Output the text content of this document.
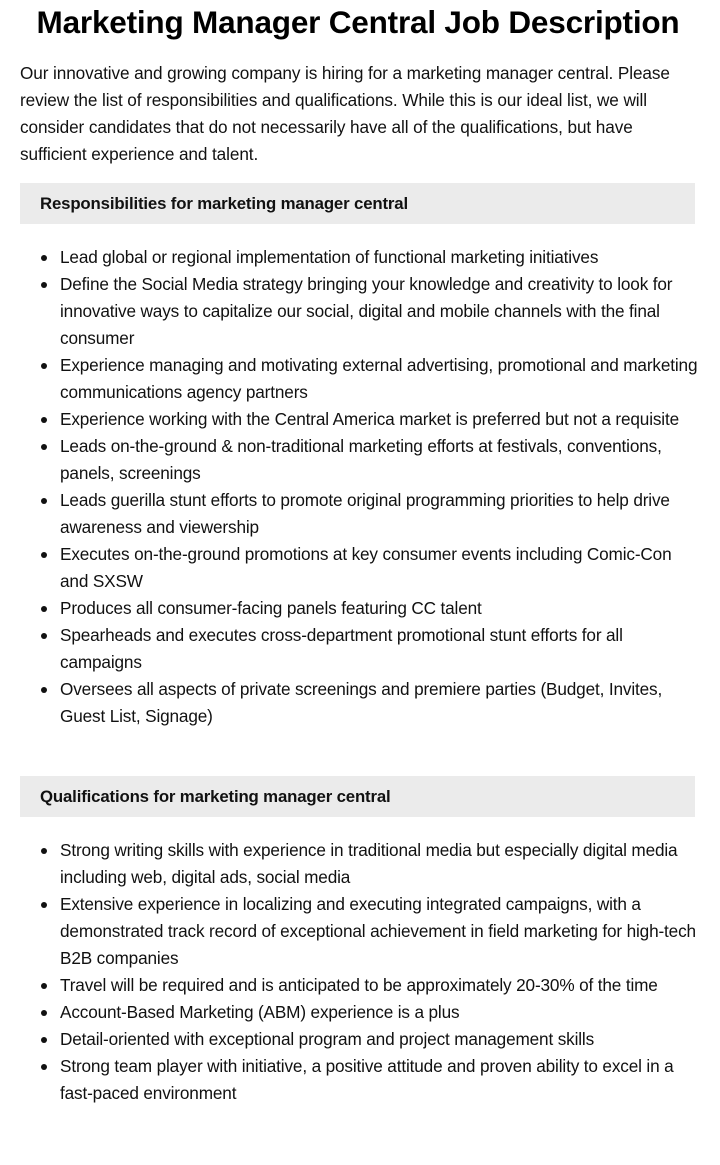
Marketing Manager Central Job Description

Our innovative and growing company is hiring for a marketing manager central. Please review the list of responsibilities and qualifications. While this is our ideal list, we will consider candidates that do not necessarily have all of the qualifications, but have sufficient experience and talent.

Responsibilities for marketing manager central
Lead global or regional implementation of functional marketing initiatives
Define the Social Media strategy bringing your knowledge and creativity to look for innovative ways to capitalize our social, digital and mobile channels with the final consumer
Experience managing and motivating external advertising, promotional and marketing communications agency partners
Experience working with the Central America market is preferred but not a requisite
Leads on-the-ground & non-traditional marketing efforts at festivals, conventions, panels, screenings
Leads guerilla stunt efforts to promote original programming priorities to help drive awareness and viewership
Executes on-the-ground promotions at key consumer events including Comic-Con and SXSW
Produces all consumer-facing panels featuring CC talent
Spearheads and executes cross-department promotional stunt efforts for all campaigns
Oversees all aspects of private screenings and premiere parties (Budget, Invites, Guest List, Signage)
Qualifications for marketing manager central
Strong writing skills with experience in traditional media but especially digital media including web, digital ads, social media
Extensive experience in localizing and executing integrated campaigns, with a demonstrated track record of exceptional achievement in field marketing for high-tech B2B companies
Travel will be required and is anticipated to be approximately 20-30% of the time
Account-Based Marketing (ABM) experience is a plus
Detail-oriented with exceptional program and project management skills
Strong team player with initiative, a positive attitude and proven ability to excel in a fast-paced environment
